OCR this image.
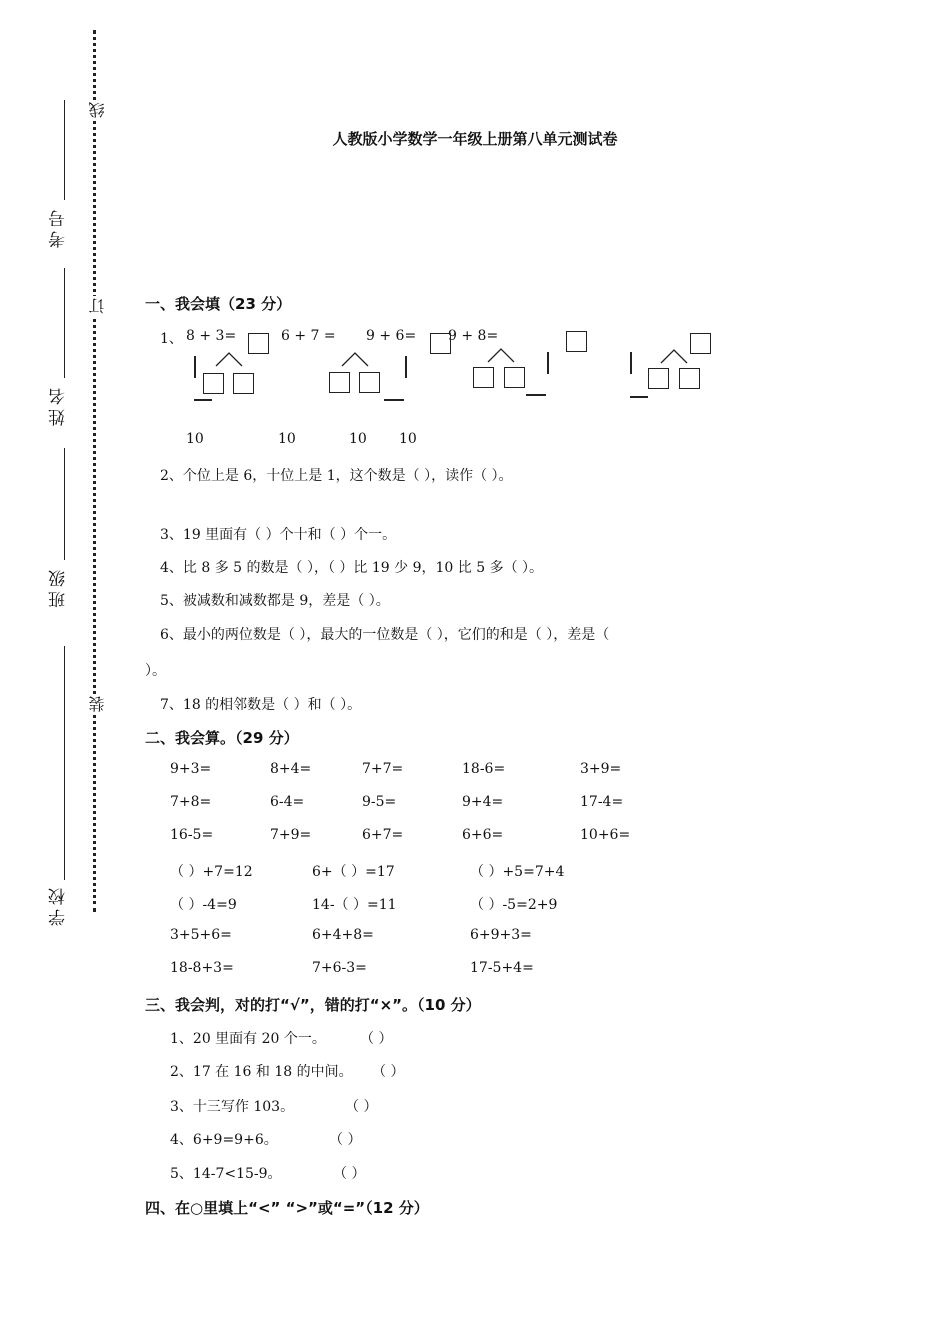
线
订
装
考号
姓名
班级
学校
人教版小学数学一年级上册第八单元测试卷
一、我会填（23 分）
1、 8 + 3=	6 + 7 = 9 + 6= 9 + 8=
10	10	10 10
2、个位上是 6，十位上是 1，这个数是（ ），读作（ ）。
3、19 里面有（ ）个十和（ ）个一。
4、比 8 多 5 的数是（ ），（ ）比 19 少 9，10 比 5 多（ ）。
5、被减数和减数都是 9，差是（ ）。
6、最小的两位数是（ ），最大的一位数是（ ），它们的和是（ ），差是（
）。
7、18 的相邻数是（ ）和（ ）。
二、我会算。（29 分）
9+3=	8+4=	7+7=	18-6=	3+9=
7+8=	6-4=	9-5=	9+4=	17-4=
16-5=	7+9=	6+7=	6+6=	10+6=
（ ）+7=12	6+（ ）=17	（ ）+5=7+4
（ ）-4=9	14-（ ）=11	（ ）-5=2+9
3+5+6=	6+4+8=	6+9+3=
18-8+3=	7+6-3=	17-5+4=
三、我会判，对的打“√”，错的打“×”。（10 分）
1、20 里面有 20 个一。 （ ）
2、17 在 16 和 18 的中间。 （ ）
3、十三写作 103。	（ ）
4、6+9=9+6。	（ ）
5、14-7<15-9。	（ ）
四、在○里填上“<” “>”或“=”（12 分）
